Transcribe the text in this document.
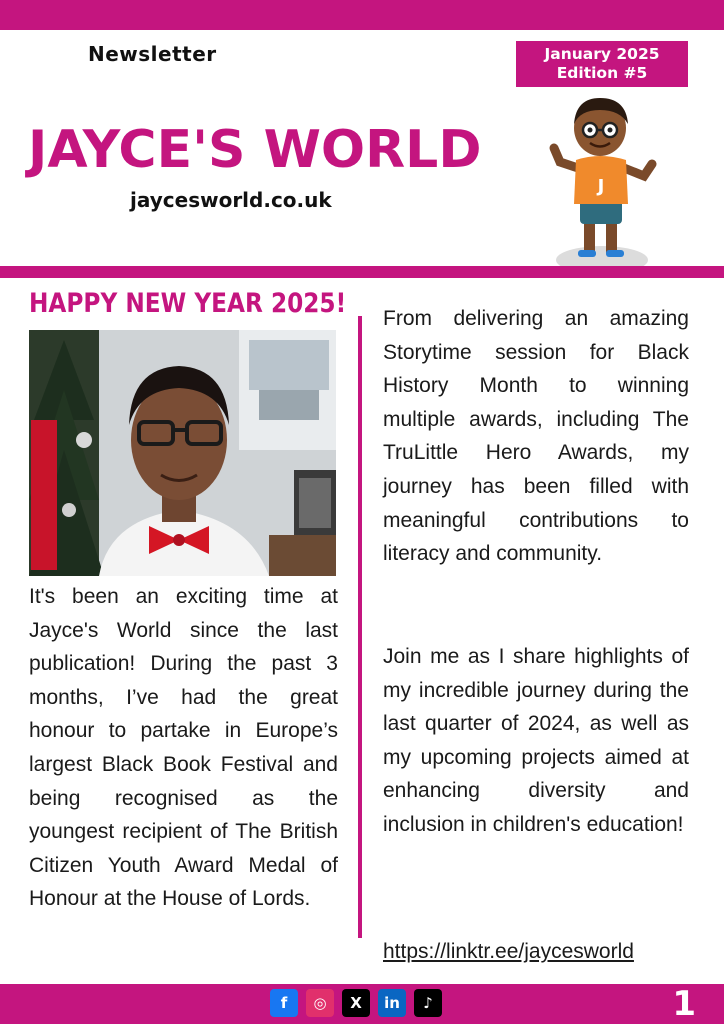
Newsletter	January 2025
Edition #5
JAYCE'S WORLD
jaycesworld.co.uk
J
HAPPY NEW YEAR 2025!
It's been an exciting time at Jayce's World since the last publication! During the past 3 months, I’ve had the great honour to partake in Europe’s largest Black Book Festival and being recognised as the youngest recipient of The British Citizen Youth Award Medal of Honour at the House of Lords.
From delivering an amazing Storytime session for Black History Month to winning multiple awards, including The TruLittle Hero Awards, my journey has been filled with meaningful contributions to literacy and community.
Join me as I share highlights of my incredible journey during the last quarter of 2024, as well as my upcoming projects aimed at enhancing diversity and inclusion in children's education!
https://linktr.ee/jaycesworld
f	◎	X	in	♪	1
